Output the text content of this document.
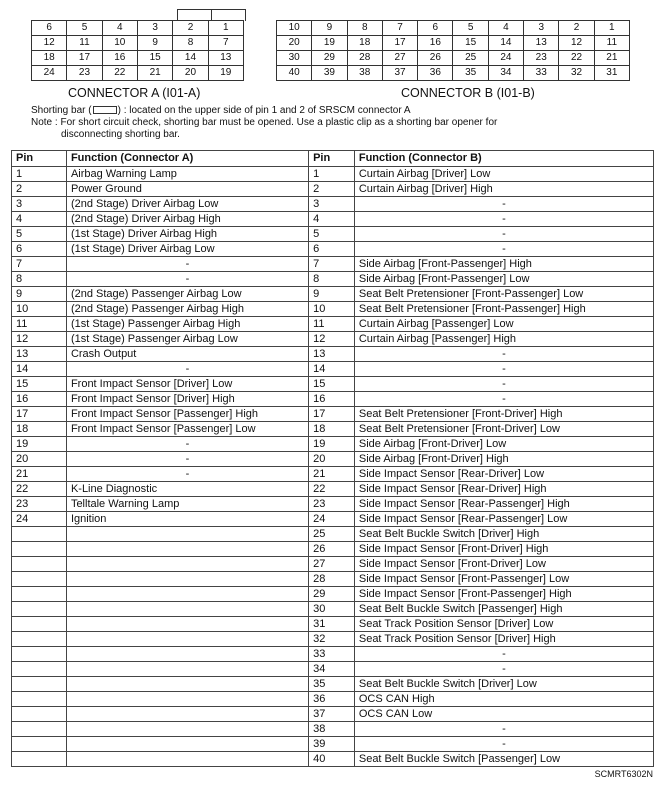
6	5	4	3	2	1
12	11	10	9	8	7
18	17	16	15	14	13
24	23	22	21	20	19
10	9	8	7	6	5	4	3	2	1
20	19	18	17	16	15	14	13	12	11
30	29	28	27	26	25	24	23	22	21
40	39	38	37	36	35	34	33	32	31
CONNECTOR A (I01-A)	CONNECTOR B (I01-B)
Shorting bar (	) : located on the upper side of pin 1 and 2 of SRSCM connector A
Note : For short circuit check, shorting bar must be opened. Use a plastic clip as a shorting bar opener for
disconnecting shorting bar.
Pin	Function (Connector A)	Pin	Function (Connector B)
1	Airbag Warning Lamp	1	Curtain Airbag [Driver] Low
2	Power Ground	2	Curtain Airbag [Driver] High
3	(2nd Stage) Driver Airbag Low	3	-
4	(2nd Stage) Driver Airbag High	4	-
5	(1st Stage) Driver Airbag High	5	-
6	(1st Stage) Driver Airbag Low	6	-
7	-	7	Side Airbag [Front-Passenger] High
8	-	8	Side Airbag [Front-Passenger] Low
9	(2nd Stage) Passenger Airbag Low	9	Seat Belt Pretensioner [Front-Passenger] Low
10	(2nd Stage) Passenger Airbag High	10	Seat Belt Pretensioner [Front-Passenger] High
11	(1st Stage) Passenger Airbag High	11	Curtain Airbag [Passenger] Low
12	(1st Stage) Passenger Airbag Low	12	Curtain Airbag [Passenger] High
13	Crash Output	13	-
14	-	14	-
15	Front Impact Sensor [Driver] Low	15	-
16	Front Impact Sensor [Driver] High	16	-
17	Front Impact Sensor [Passenger] High	17	Seat Belt Pretensioner [Front-Driver] High
18	Front Impact Sensor [Passenger] Low	18	Seat Belt Pretensioner [Front-Driver] Low
19	-	19	Side Airbag [Front-Driver] Low
20	-	20	Side Airbag [Front-Driver] High
21	-	21	Side Impact Sensor [Rear-Driver] Low
22	K-Line Diagnostic	22	Side Impact Sensor [Rear-Driver] High
23	Telltale Warning Lamp	23	Side Impact Sensor [Rear-Passenger] High
24	Ignition	24	Side Impact Sensor [Rear-Passenger] Low
		25	Seat Belt Buckle Switch [Driver] High
		26	Side Impact Sensor [Front-Driver] High
		27	Side Impact Sensor [Front-Driver] Low
		28	Side Impact Sensor [Front-Passenger] Low
		29	Side Impact Sensor [Front-Passenger] High
		30	Seat Belt Buckle Switch [Passenger] High
		31	Seat Track Position Sensor [Driver] Low
		32	Seat Track Position Sensor [Driver] High
		33	-
		34	-
		35	Seat Belt Buckle Switch [Driver] Low
		36	OCS CAN High
		37	OCS CAN Low
		38	-
		39	-
		40	Seat Belt Buckle Switch [Passenger] Low
SCMRT6302N
